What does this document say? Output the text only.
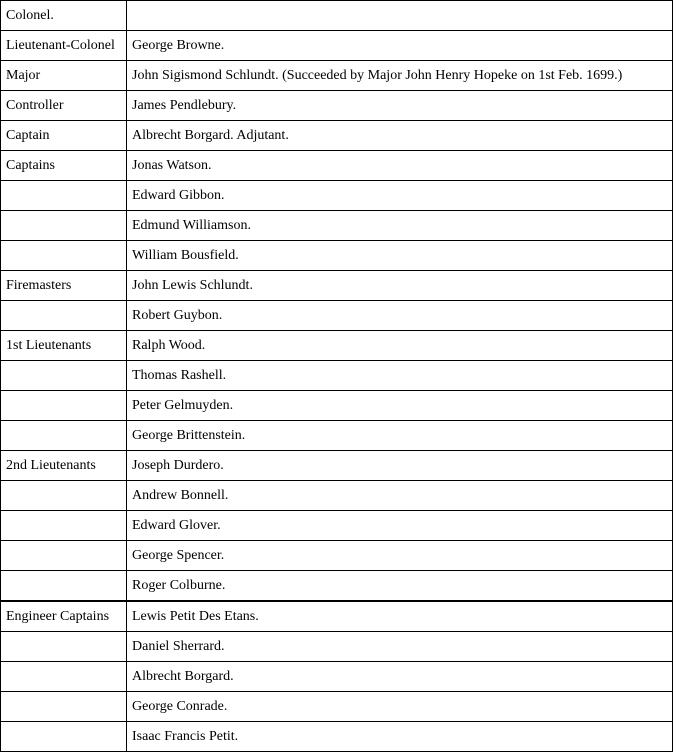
Colonel.	
Lieutenant-Colonel	George Browne.
Major	John Sigismond Schlundt. (Succeeded by Major John Henry Hopeke on 1st Feb. 1699.)
Controller	James Pendlebury.
Captain	Albrecht Borgard. Adjutant.
Captains	Jonas Watson.
	Edward Gibbon.
	Edmund Williamson.
	William Bousfield.
Firemasters	John Lewis Schlundt.
	Robert Guybon.
1st Lieutenants	Ralph Wood.
	Thomas Rashell.
	Peter Gelmuyden.
	George Brittenstein.
2nd Lieutenants	Joseph Durdero.
	Andrew Bonnell.
	Edward Glover.
	George Spencer.
	Roger Colburne.
Engineer Captains	Lewis Petit Des Etans.
	Daniel Sherrard.
	Albrecht Borgard.
	George Conrade.
	Isaac Francis Petit.
